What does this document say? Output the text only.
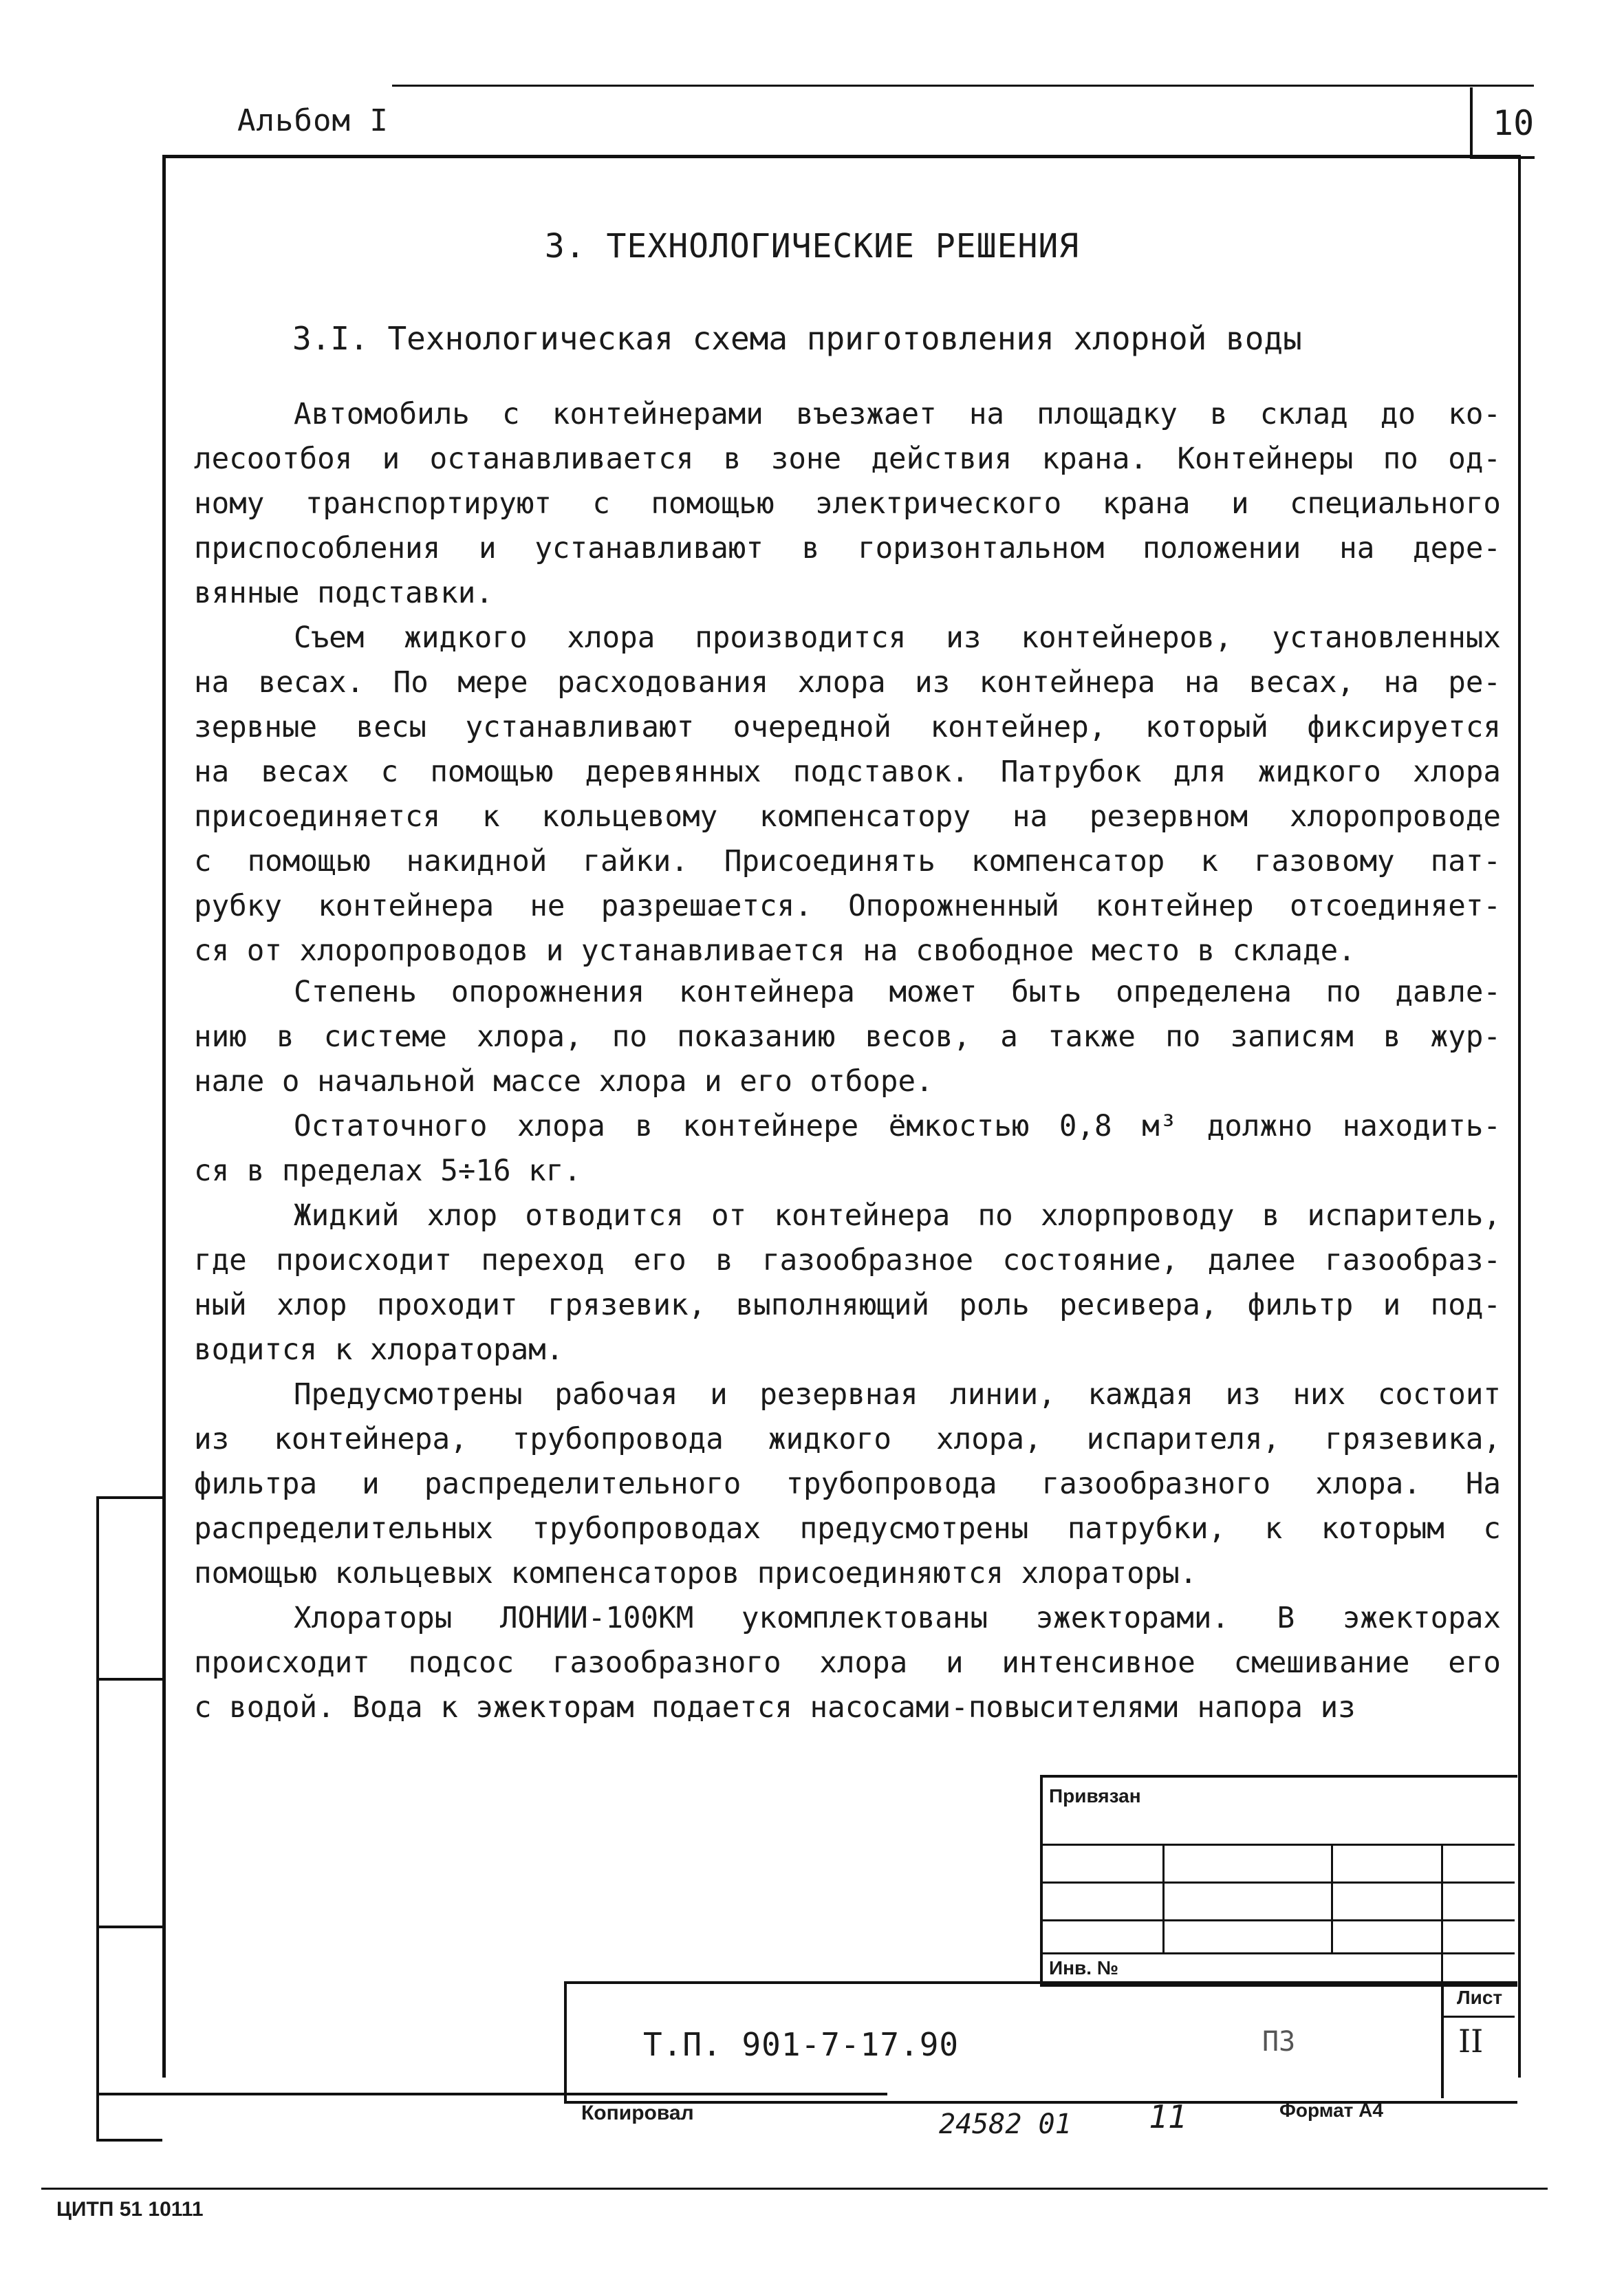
Альбом I	10
3. ТЕХНОЛОГИЧЕСКИЕ РЕШЕНИЯ
3.I. Технологическая схема приготовления хлорной воды
Автомобиль с контейнерами въезжает на площадку в склад до ко-
лесоотбоя и останавливается в зоне действия крана. Контейнеры по од-
ному транспортируют с помощью электрического крана и специального
приспособления и устанавливают в горизонтальном положении на дере-
вянные подставки.
Съем жидкого хлора производится из контейнеров, установленных
на весах. По мере расходования хлора из контейнера на весах, на ре-
зервные весы устанавливают очередной контейнер, который фиксируется
на весах с помощью деревянных подставок. Патрубок для жидкого хлора
присоединяется к кольцевому компенсатору на резервном хлоропроводе
с помощью накидной гайки. Присоединять компенсатор к газовому пат-
рубку контейнера не разрешается. Опорожненный контейнер отсоединяет-
ся от хлоропроводов и устанавливается на свободное место в складе.
Степень опорожнения контейнера может быть определена по давле-
нию в системе хлора, по показанию весов, а также по записям в жур-
нале о начальной массе хлора и его отборе.
Остаточного хлора в контейнере ёмкостью 0,8 м³ должно находить-
ся в пределах 5÷16 кг.
Жидкий хлор отводится от контейнера по хлорпроводу в испаритель,
где происходит переход его в газообразное состояние, далее газообраз-
ный хлор проходит грязевик, выполняющий роль ресивера, фильтр и под-
водится к хлораторам.
Предусмотрены рабочая и резервная линии, каждая из них состоит
из контейнера, трубопровода жидкого хлора, испарителя, грязевика,
фильтра и распределительного трубопровода газообразного хлора. На
распределительных трубопроводах предусмотрены патрубки, к которым с
помощью кольцевых компенсаторов присоединяются хлораторы.
Хлораторы ЛОНИИ-100КМ укомплектованы эжекторами. В эжекторах
происходит подсос газообразного хлора и интенсивное смешивание его
с водой. Вода к эжекторам подается насосами-повысителями напора из
Привязан
Инв. №
Т.П. 901-7-17.90	ПЗ
Лист
II
Копировал	24582 01 11	Формат А4
ЦИТП 51 10111
